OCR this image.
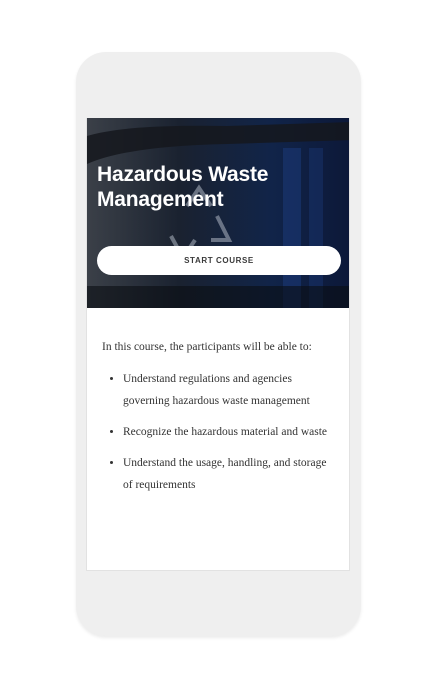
Hazardous Waste Management
START COURSE

In this course, the participants will be able to:

• Understand regulations and agencies governing hazardous waste management
• Recognize the hazardous material and waste
• Understand the usage, handling, and storage of requirements
